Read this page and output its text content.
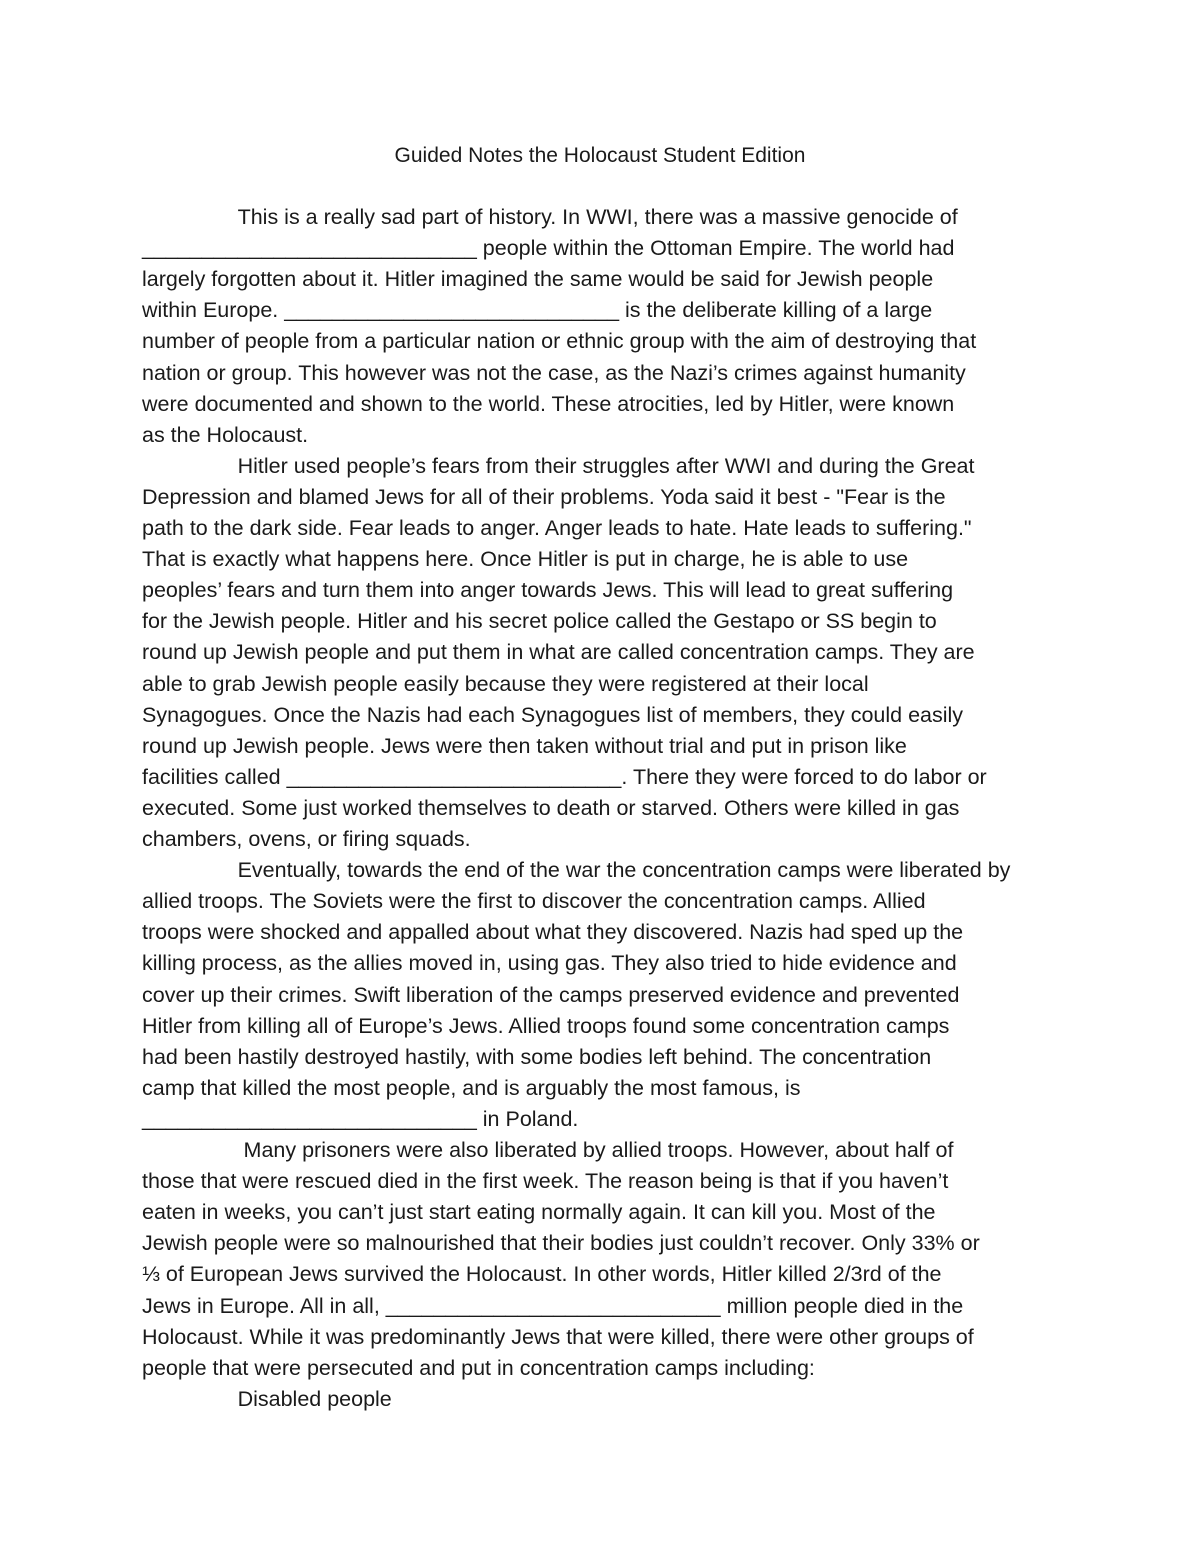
Guided Notes the Holocaust Student Edition
This is a really sad part of history. In WWI, there was a massive genocide of
____________________________ people within the Ottoman Empire. The world had
largely forgotten about it. Hitler imagined the same would be said for Jewish people
within Europe. ____________________________ is the deliberate killing of a large
number of people from a particular nation or ethnic group with the aim of destroying that
nation or group. This however was not the case, as the Nazi’s crimes against humanity
were documented and shown to the world. These atrocities, led by Hitler, were known
as the Holocaust.
Hitler used people’s fears from their struggles after WWI and during the Great
Depression and blamed Jews for all of their problems. Yoda said it best - "Fear is the
path to the dark side. Fear leads to anger. Anger leads to hate. Hate leads to suffering."
That is exactly what happens here. Once Hitler is put in charge, he is able to use
peoples’ fears and turn them into anger towards Jews. This will lead to great suffering
for the Jewish people. Hitler and his secret police called the Gestapo or SS begin to
round up Jewish people and put them in what are called concentration camps. They are
able to grab Jewish people easily because they were registered at their local
Synagogues. Once the Nazis had each Synagogues list of members, they could easily
round up Jewish people. Jews were then taken without trial and put in prison like
facilities called ____________________________. There they were forced to do labor or
executed. Some just worked themselves to death or starved. Others were killed in gas
chambers, ovens, or firing squads.
Eventually, towards the end of the war the concentration camps were liberated by
allied troops. The Soviets were the first to discover the concentration camps. Allied
troops were shocked and appalled about what they discovered. Nazis had sped up the
killing process, as the allies moved in, using gas. They also tried to hide evidence and
cover up their crimes. Swift liberation of the camps preserved evidence and prevented
Hitler from killing all of Europe’s Jews. Allied troops found some concentration camps
had been hastily destroyed hastily, with some bodies left behind. The concentration
camp that killed the most people, and is arguably the most famous, is
____________________________ in Poland.
Many prisoners were also liberated by allied troops. However, about half of
those that were rescued died in the first week. The reason being is that if you haven’t
eaten in weeks, you can’t just start eating normally again. It can kill you. Most of the
Jewish people were so malnourished that their bodies just couldn’t recover. Only 33% or
⅓ of European Jews survived the Holocaust. In other words, Hitler killed 2/3rd of the
Jews in Europe. All in all, ____________________________ million people died in the
Holocaust. While it was predominantly Jews that were killed, there were other groups of
people that were persecuted and put in concentration camps including:
Disabled people
